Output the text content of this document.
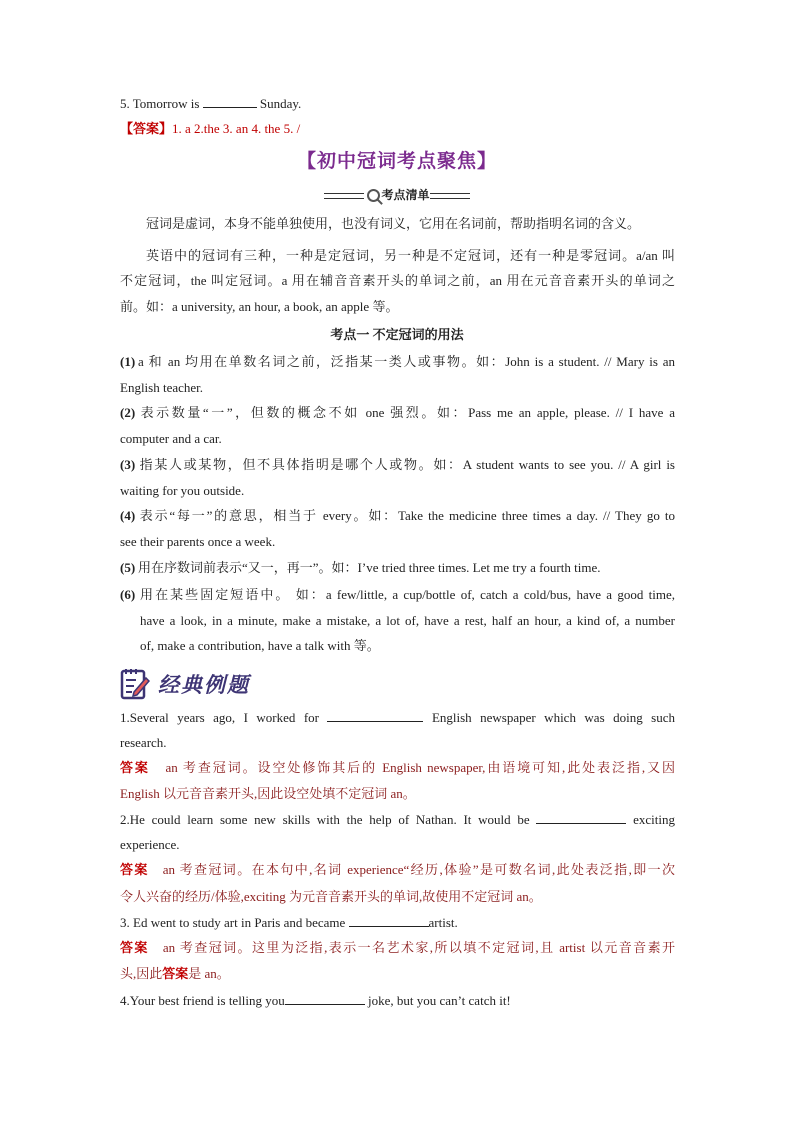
5. Tomorrow is	Sunday.
【答案】1. a 2.the 3. an 4. the 5. /
【初中冠词考点聚焦】
考点清单
冠词是虚词，本身不能单独使用，也没有词义，它用在名词前，帮助指明名词的含义。
英语中的冠词有三种，一种是定冠词，另一种是不定冠词，还有一种是零冠词。a/an 叫
不定冠词，the 叫定冠词。a 用在辅音音素开头的单词之前，an 用在元音音素开头的单词之
前。如：a university, an hour, a book, an apple 等。
考点一 不定冠词的用法
(1) a 和 an 均用在单数名词之前，泛指某一类人或事物。如：John is a student. // Mary is an
English teacher.
(2) 表示数量“一”，但数的概念不如 one 强烈。如：Pass me an apple, please. // I have a
computer and a car.
(3) 指某人或某物，但不具体指明是哪个人或物。如：A student wants to see you. // A girl is
waiting for you outside.
(4) 表示“每一”的意思，相当于 every。如：Take the medicine three times a day. // They go to
see their parents once a week.
(5) 用在序数词前表示“又一，再一”。如：I’ve tried three times. Let me try a fourth time.
(6) 用在某些固定短语中。 如：a few/little, a cup/bottle of, catch a cold/bus, have a good time,
have a look, in a minute, make a mistake, a lot of, have a rest, half an hour, a kind of, a number
of, make a contribution, have a talk with 等。
经典例题
1.Several years ago, I worked for	English newspaper which was doing such
research.
答案 an 考查冠词。设空处修饰其后的 English newspaper,由语境可知,此处表泛指,又因
English 以元音音素开头,因此设空处填不定冠词 an。
2.He could learn some new skills with the help of Nathan. It would be	exciting
experience.
答案 an 考查冠词。在本句中,名词 experience“经历,体验”是可数名词,此处表泛指,即一次
令人兴奋的经历/体验,exciting 为元音音素开头的单词,故使用不定冠词 an。
3. Ed went to study art in Paris and became	artist.
答案 an 考查冠词。这里为泛指,表示一名艺术家,所以填不定冠词,且 artist 以元音音素开
头,因此答案是 an。
4.Your best friend is telling you	joke, but you can’t catch it!
